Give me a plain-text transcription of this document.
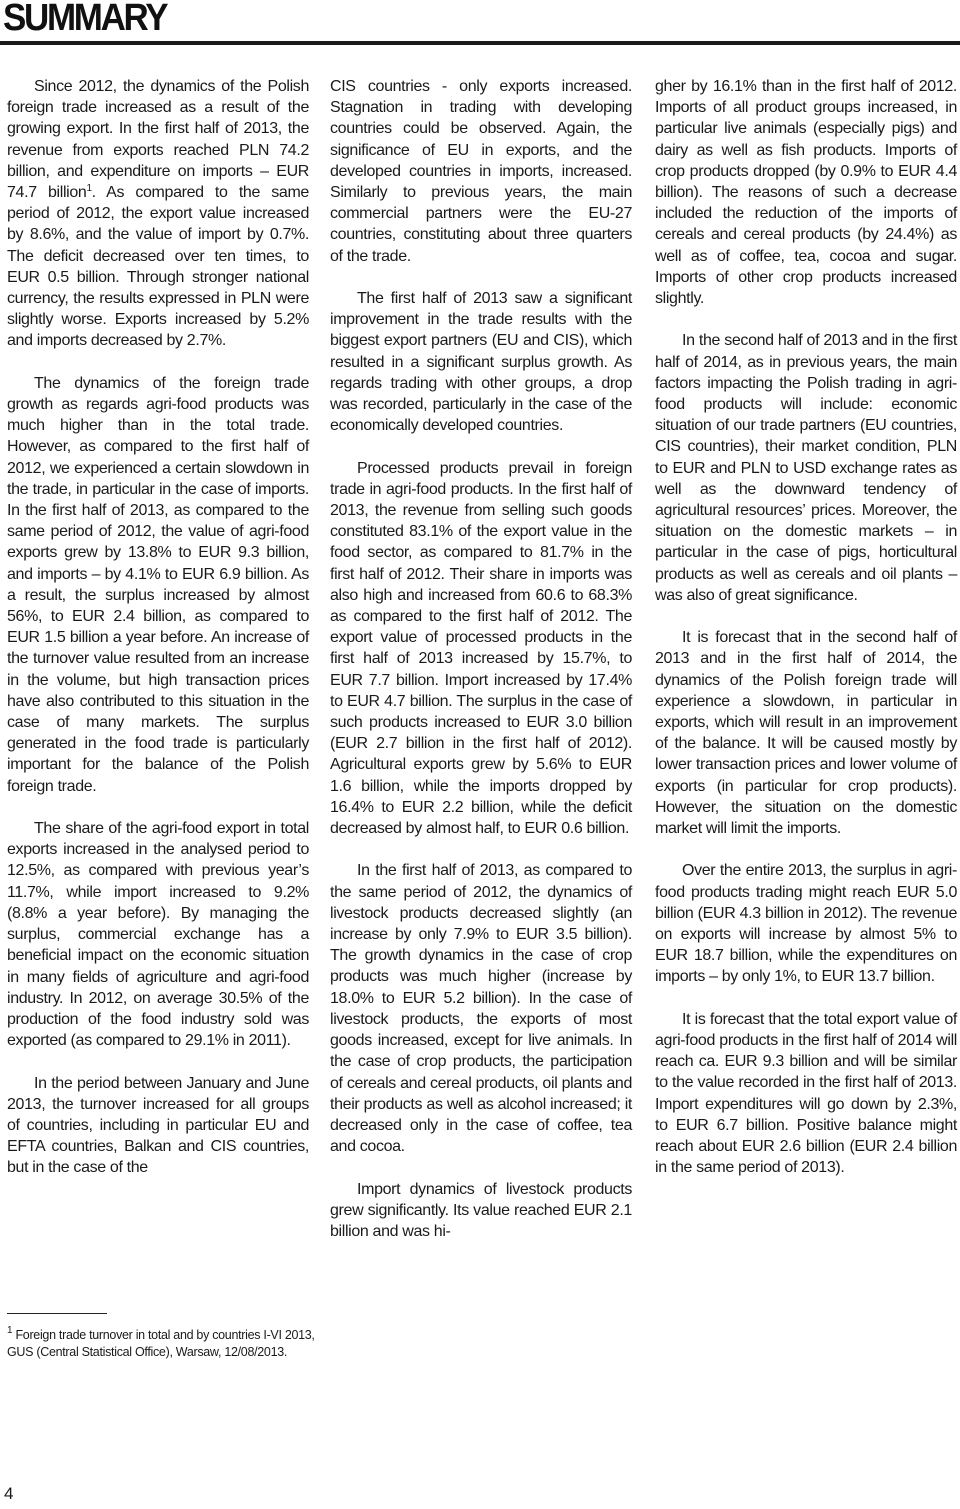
SUMMARY

Since 2012, the dynamics of the Polish foreign trade increased as a result of the growing export. In the first half of 2013, the revenue from exports reached PLN 74.2 billion, and expenditure on imports – EUR 74.7 billion$^1$. As compared to the same period of 2012, the export value increased by 8.6%, and the value of import by 0.7%. The deficit decreased over ten times, to EUR 0.5 billion. Through stronger national currency, the results expressed in PLN were slightly worse. Exports increased by 5.2% and imports decreased by 2.7%.

The dynamics of the foreign trade growth as regards agri-food products was much higher than in the total trade. However, as compared to the first half of 2012, we experienced a certain slowdown in the trade, in particular in the case of imports. In the first half of 2013, as compared to the same period of 2012, the value of agri-food exports grew by 13.8% to EUR 9.3 billion, and imports – by 4.1% to EUR 6.9 billion. As a result, the surplus increased by almost 56%, to EUR 2.4 billion, as compared to EUR 1.5 billion a year before. An increase of the turnover value resulted from an increase in the volume, but high transaction prices have also contributed to this situation in the case of many markets. The surplus generated in the food trade is particularly important for the balance of the Polish foreign trade.

The share of the agri-food export in total exports increased in the analysed period to 12.5%, as compared with previous year’s 11.7%, while import increased to 9.2% (8.8% a year before). By managing the surplus, commercial exchange has a beneficial impact on the economic situation in many fields of agriculture and agri-food industry. In 2012, on average 30.5% of the production of the food industry sold was exported (as compared to 29.1% in 2011).

In the period between January and June 2013, the turnover increased for all groups of countries, including in particular EU and EFTA countries, Balkan and CIS countries, but in the case of the

CIS countries - only exports increased. Stagnation in trading with developing countries could be observed. Again, the significance of EU in exports, and the developed countries in imports, increased. Similarly to previous years, the main commercial partners were the EU-27 countries, constituting about three quarters of the trade.

The first half of 2013 saw a significant improvement in the trade results with the biggest export partners (EU and CIS), which resulted in a significant surplus growth. As regards trading with other groups, a drop was recorded, particularly in the case of the economically developed countries.

Processed products prevail in foreign trade in agri-food products. In the first half of 2013, the revenue from selling such goods constituted 83.1% of the export value in the food sector, as compared to 81.7% in the first half of 2012. Their share in imports was also high and increased from 60.6 to 68.3% as compared to the first half of 2012. The export value of processed products in the first half of 2013 increased by 15.7%, to EUR 7.7 billion. Import increased by 17.4% to EUR 4.7 billion. The surplus in the case of such products increased to EUR 3.0 billion (EUR 2.7 billion in the first half of 2012). Agricultural exports grew by 5.6% to EUR 1.6 billion, while the imports dropped by 16.4% to EUR 2.2 billion, while the deficit decreased by almost half, to EUR 0.6 billion.

In the first half of 2013, as compared to the same period of 2012, the dynamics of livestock products decreased slightly (an increase by only 7.9% to EUR 3.5 billion). The growth dynamics in the case of crop products was much higher (increase by 18.0% to EUR 5.2 billion). In the case of livestock products, the exports of most goods increased, except for live animals. In the case of crop products, the participation of cereals and cereal products, oil plants and their products as well as alcohol increased; it decreased only in the case of coffee, tea and cocoa.

Import dynamics of livestock products grew significantly. Its value reached EUR 2.1 billion and was hi-

gher by 16.1% than in the first half of 2012. Imports of all product groups increased, in particular live animals (especially pigs) and dairy as well as fish products. Imports of crop products dropped (by 0.9% to EUR 4.4 billion). The reasons of such a decrease included the reduction of the imports of cereals and cereal products (by 24.4%) as well as of coffee, tea, cocoa and sugar. Imports of other crop products increased slightly.

In the second half of 2013 and in the first half of 2014, as in previous years, the main factors impacting the Polish trading in agri-food products will include: economic situation of our trade partners (EU countries, CIS countries), their market condition, PLN to EUR and PLN to USD exchange rates as well as the downward tendency of agricultural resources’ prices. Moreover, the situation on the domestic markets – in particular in the case of pigs, horticultural products as well as cereals and oil plants – was also of great significance.

It is forecast that in the second half of 2013 and in the first half of 2014, the dynamics of the Polish foreign trade will experience a slowdown, in particular in exports, which will result in an improvement of the balance. It will be caused mostly by lower transaction prices and lower volume of exports (in particular for crop products). However, the situation on the domestic market will limit the imports.

Over the entire 2013, the surplus in agri-food products trading might reach EUR 5.0 billion (EUR 4.3 billion in 2012). The revenue on exports will increase by almost 5% to EUR 18.7 billion, while the expenditures on imports – by only 1%, to EUR 13.7 billion.

It is forecast that the total export value of agri-food products in the first half of 2014 will reach ca. EUR 9.3 billion and will be similar to the value recorded in the first half of 2013. Import expenditures will go down by 2.3%, to EUR 6.7 billion. Positive balance might reach about EUR 2.6 billion (EUR 2.4 billion in the same period of 2013).

$^1$ Foreign trade turnover in total and by countries I-VI 2013, GUS (Central Statistical Office), Warsaw, 12/08/2013.
4
